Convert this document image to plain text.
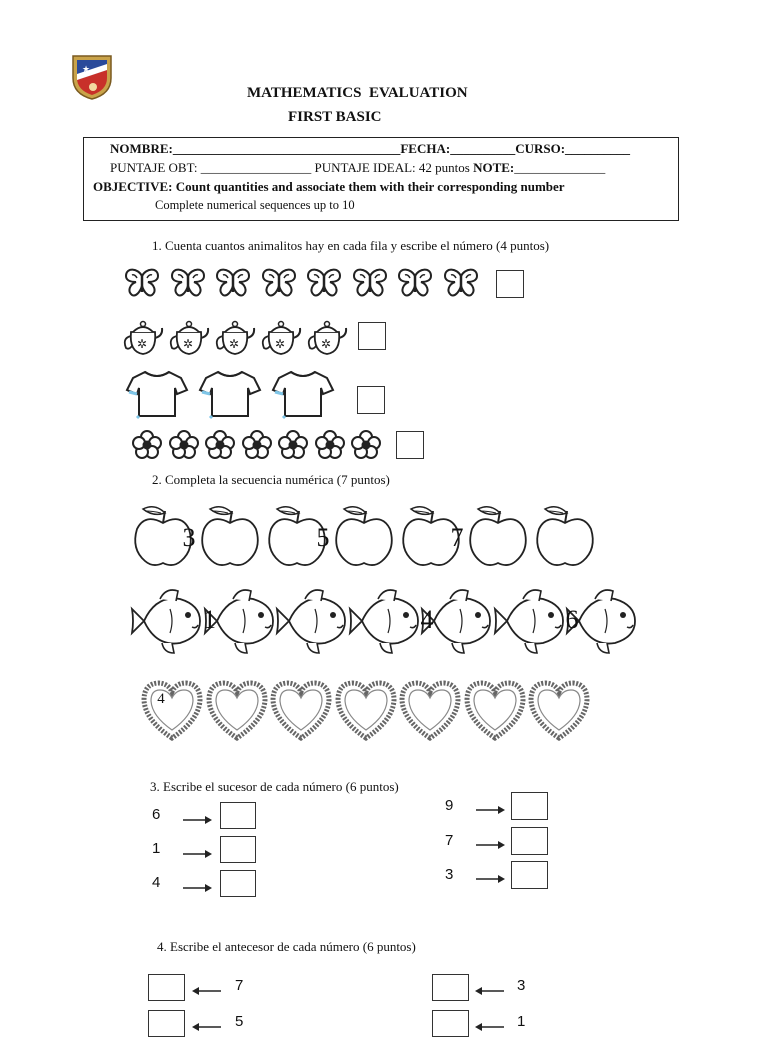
★
MATHEMATICS  EVALUATION
FIRST BASIC
NOMBRE:___________________________________FECHA:__________CURSO:__________
PUNTAJE OBT: _________________ PUNTAJE IDEAL: 42 puntos NOTE:______________
OBJECTIVE: Count quantities and associate them with their corresponding number
Complete numerical sequences up to 10
1. Cuenta cuantos animalitos hay en cada fila y escribe el número (4 puntos)
✲	✲	✲	✲	✲
2. Completa la secuencia numérica (7 puntos)
3	5	7
1	4	6
4
3. Escribe el sucesor de cada número (6 puntos)
6
1
4
9
7
3
4. Escribe el antecesor de cada número (6 puntos)
7
5
3
1
